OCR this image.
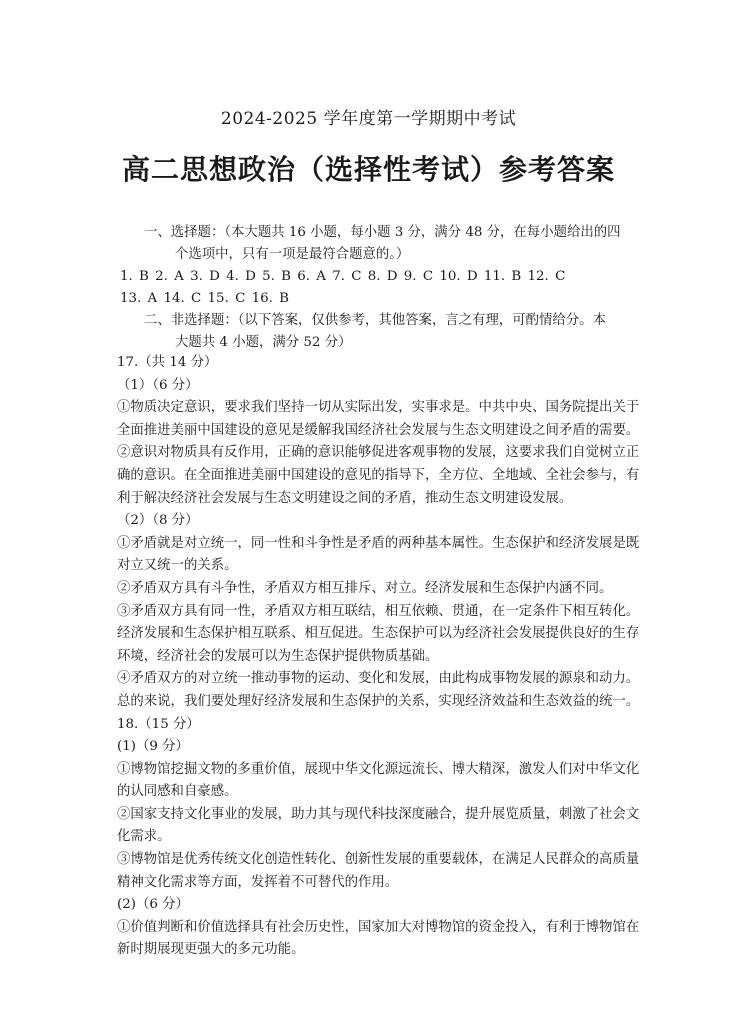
2024-2025 学年度第一学期期中考试
高二思想政治（选择性考试）参考答案
一、选择题：（本大题共 16 小题，每小题 3 分，满分 48 分，在每小题给出的四
个选项中，只有一项是最符合题意的。）
1. B 2. A 3. D 4. D 5. B 6. A 7. C 8. D 9. C 10. D 11. B 12. C
13. A 14. C 15. C 16. B
二、非选择题：（以下答案，仅供参考，其他答案，言之有理，可酌情给分。本
大题共 4 小题，满分 52 分）

17.（共 14 分）

（1）（6 分）

①物质决定意识，要求我们坚持一切从实际出发，实事求是。中共中央、国务院提出关于

全面推进美丽中国建设的意见是缓解我国经济社会发展与生态文明建设之间矛盾的需要。

②意识对物质具有反作用，正确的意识能够促进客观事物的发展，这要求我们自觉树立正

确的意识。在全面推进美丽中国建设的意见的指导下，全方位、全地域、全社会参与，有

利于解决经济社会发展与生态文明建设之间的矛盾，推动生态文明建设发展。

（2）（8 分）

①矛盾就是对立统一，同一性和斗争性是矛盾的两种基本属性。生态保护和经济发展是既

对立又统一的关系。

②矛盾双方具有斗争性，矛盾双方相互排斥、对立。经济发展和生态保护内涵不同。

③矛盾双方具有同一性，矛盾双方相互联结，相互依赖、贯通，在一定条件下相互转化。

经济发展和生态保护相互联系、相互促进。生态保护可以为经济社会发展提供良好的生存

环境，经济社会的发展可以为生态保护提供物质基础。

④矛盾双方的对立统一推动事物的运动、变化和发展，由此构成事物发展的源泉和动力。

总的来说，我们要处理好经济发展和生态保护的关系，实现经济效益和生态效益的统一。

18.（15 分）

(1)（9 分）

①博物馆挖掘文物的多重价值，展现中华文化源远流长、博大精深，激发人们对中华文化

的认同感和自豪感。

②国家支持文化事业的发展，助力其与现代科技深度融合，提升展览质量，刺激了社会文

化需求。

③博物馆是优秀传统文化创造性转化、创新性发展的重要载体，在满足人民群众的高质量

精神文化需求等方面，发挥着不可替代的作用。

(2)（6 分）

①价值判断和价值选择具有社会历史性，国家加大对博物馆的资金投入，有利于博物馆在

新时期展现更强大的多元功能。
